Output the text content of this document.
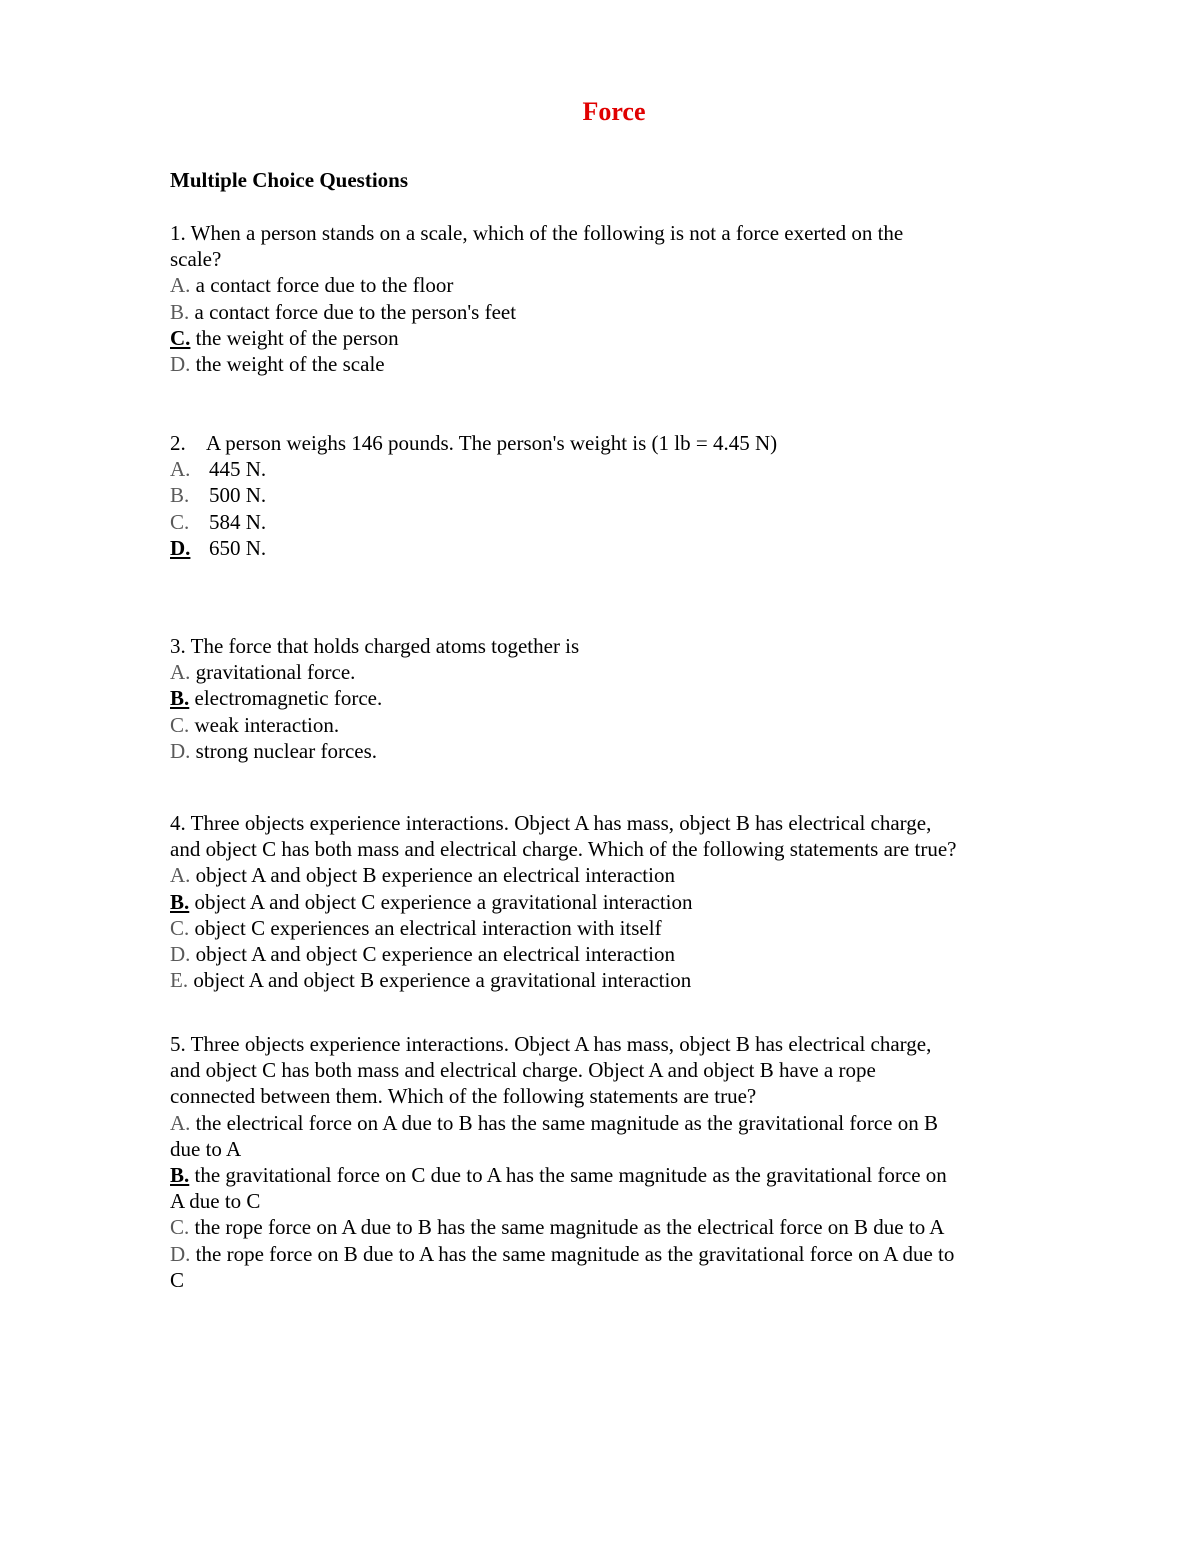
Force
Multiple Choice Questions
1. When a person stands on a scale, which of the following is not a force exerted on the
scale?
A. a contact force due to the floor
B. a contact force due to the person's feet
C. the weight of the person
D. the weight of the scale
2. A person weighs 146 pounds. The person's weight is (1 lb = 4.45 N)
A. 445 N.
B. 500 N.
C. 584 N.
D. 650 N.
3. The force that holds charged atoms together is
A. gravitational force.
B. electromagnetic force.
C. weak interaction.
D. strong nuclear forces.
4. Three objects experience interactions. Object A has mass, object B has electrical charge,
and object C has both mass and electrical charge. Which of the following statements are true?
A. object A and object B experience an electrical interaction
B. object A and object C experience a gravitational interaction
C. object C experiences an electrical interaction with itself
D. object A and object C experience an electrical interaction
E. object A and object B experience a gravitational interaction
5. Three objects experience interactions. Object A has mass, object B has electrical charge,
and object C has both mass and electrical charge. Object A and object B have a rope
connected between them. Which of the following statements are true?
A. the electrical force on A due to B has the same magnitude as the gravitational force on B
due to A
B. the gravitational force on C due to A has the same magnitude as the gravitational force on
A due to C
C. the rope force on A due to B has the same magnitude as the electrical force on B due to A
D. the rope force on B due to A has the same magnitude as the gravitational force on A due to
C
